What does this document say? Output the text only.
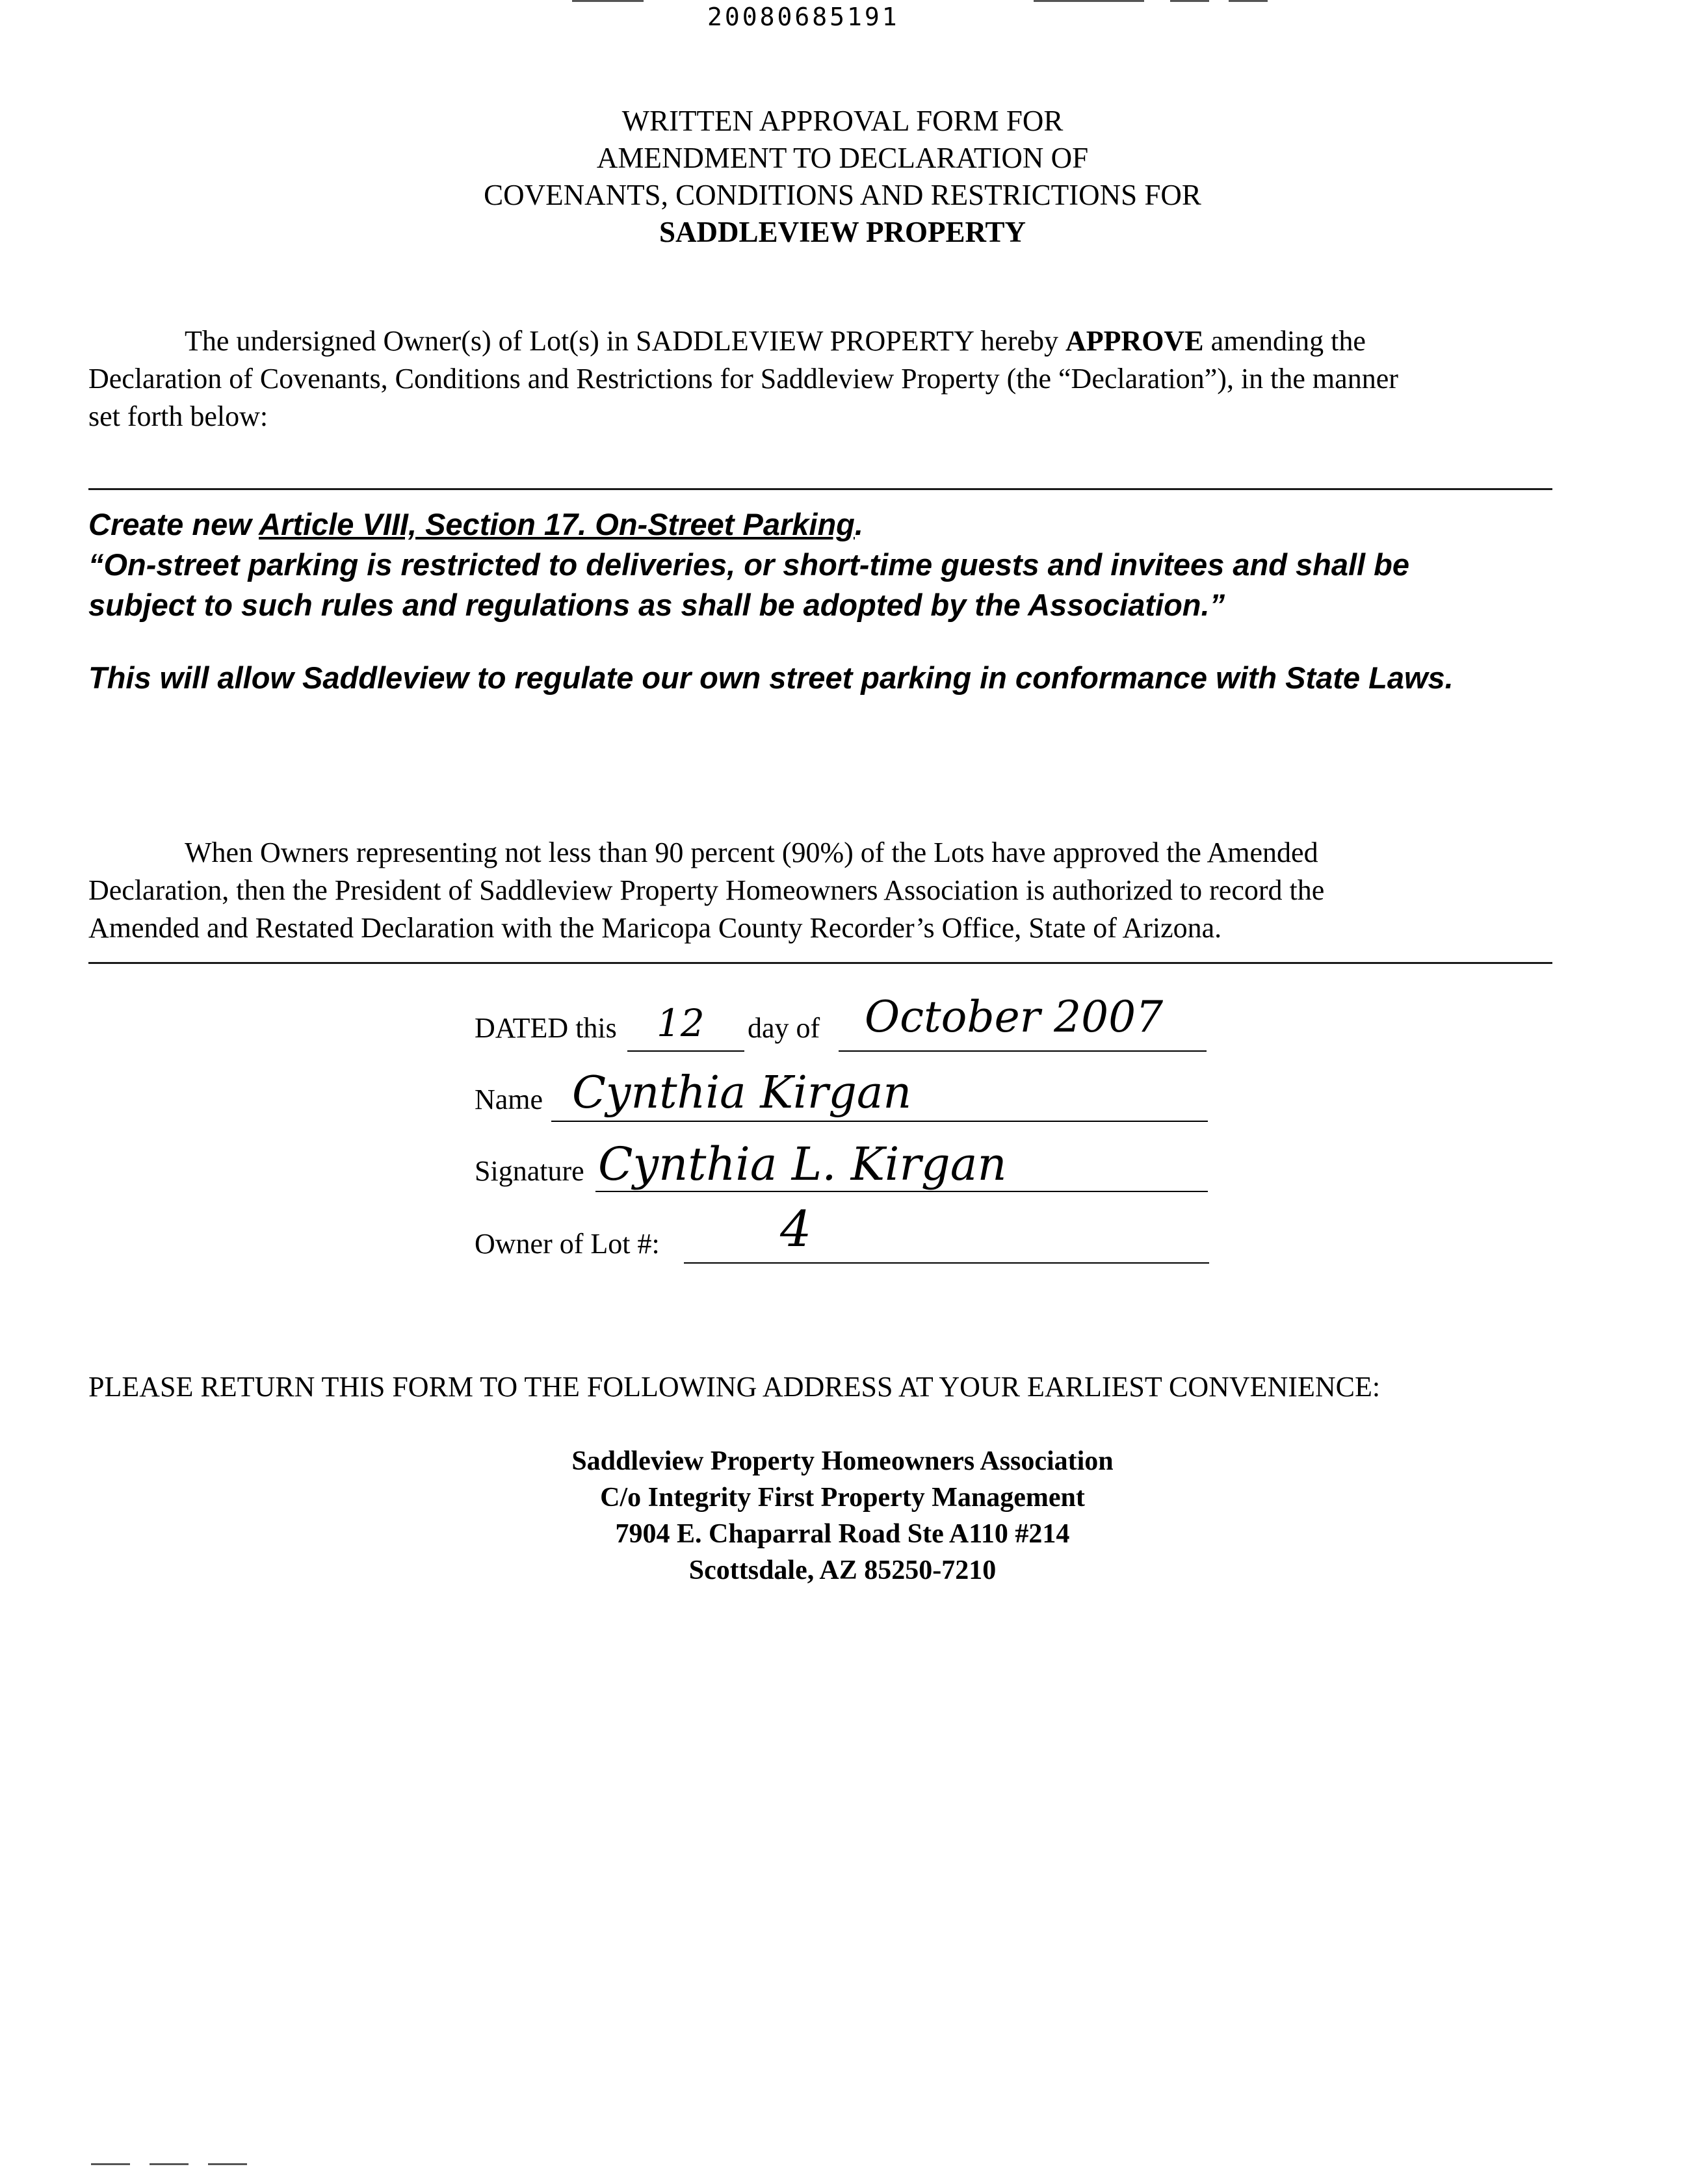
20080685191
WRITTEN APPROVAL FORM FOR
AMENDMENT TO DECLARATION OF
COVENANTS, CONDITIONS AND RESTRICTIONS FOR
SADDLEVIEW PROPERTY
The undersigned Owner(s) of Lot(s) in SADDLEVIEW PROPERTY hereby APPROVE amending the
Declaration of Covenants, Conditions and Restrictions for Saddleview Property (the “Declaration”), in the manner
set forth below:
Create new Article VIII, Section 17. On-Street Parking.
“On-street parking is restricted to deliveries, or short-time guests and invitees and shall be
subject to such rules and regulations as shall be adopted by the Association.”
This will allow Saddleview to regulate our own street parking in conformance with State Laws.
When Owners representing not less than 90 percent (90%) of the Lots have approved the Amended
Declaration, then the President of Saddleview Property Homeowners Association is authorized to record the
Amended and Restated Declaration with the Maricopa County Recorder’s Office, State of Arizona.
DATED this 12 day of October 2007
Name Cynthia Kirgan
Signature Cynthia L. Kirgan
Owner of Lot #: 4
PLEASE RETURN THIS FORM TO THE FOLLOWING ADDRESS AT YOUR EARLIEST CONVENIENCE:
Saddleview Property Homeowners Association
C/o Integrity First Property Management
7904 E. Chaparral Road Ste A110 #214
Scottsdale, AZ 85250-7210
